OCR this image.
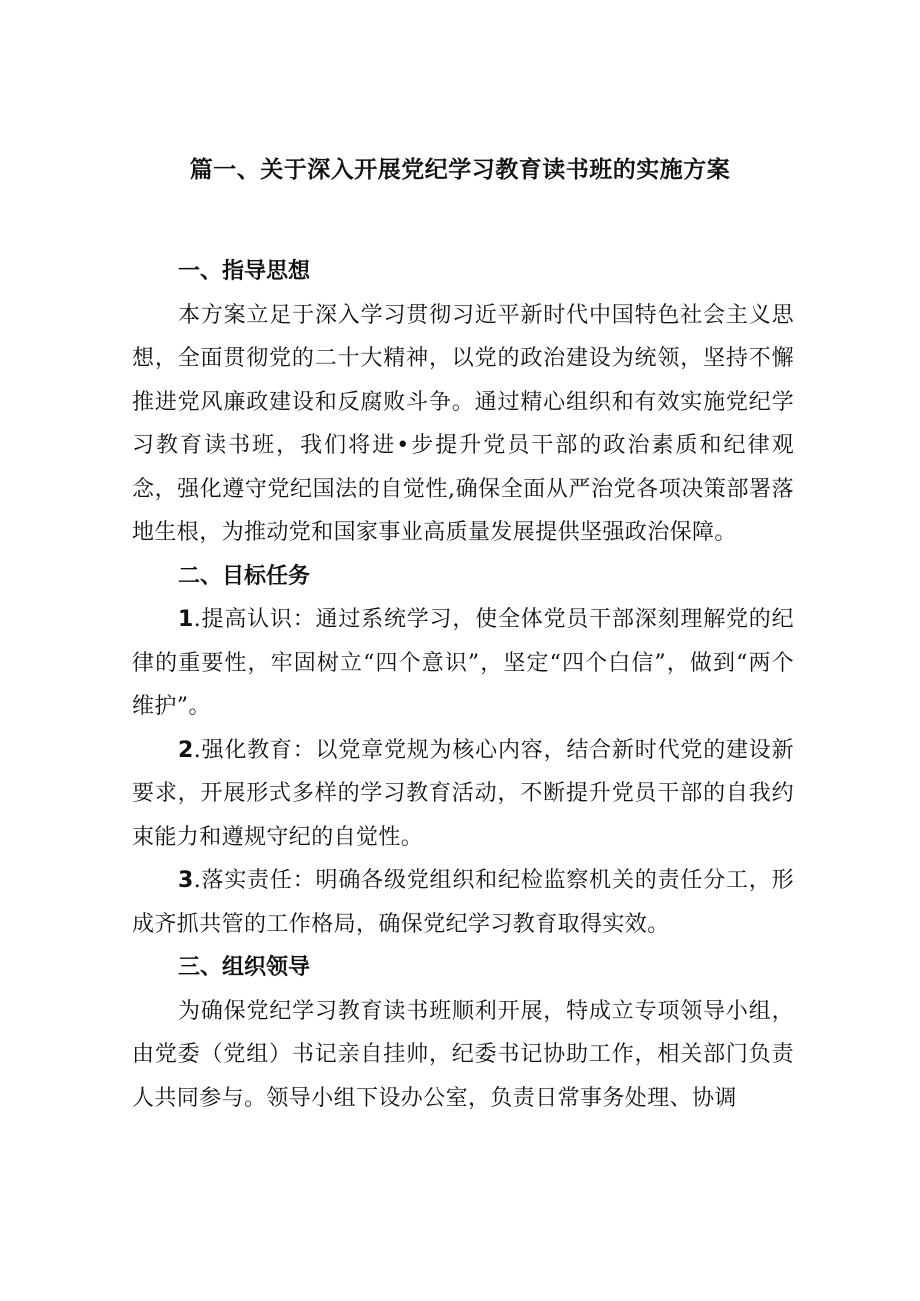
篇一、关于深入开展党纪学习教育读书班的实施方案
一、指导思想

本方案立足于深入学习贯彻习近平新时代中国特色社会主义思想，全面贯彻党的二十大精神，以党的政治建设为统领，坚持不懈推进党风廉政建设和反腐败斗争。通过精心组织和有效实施党纪学习教育读书班，我们将进•步提升党员干部的政治素质和纪律观念，强化遵守党纪国法的自觉性,确保全面从严治党各项决策部署落地生根，为推动党和国家事业高质量发展提供坚强政治保障。

二、目标任务

1.提高认识：通过系统学习，使全体党员干部深刻理解党的纪律的重要性，牢固树立“四个意识”，坚定“四个白信”，做到“两个维护”。

2.强化教育：以党章党规为核心内容，结合新时代党的建设新要求，开展形式多样的学习教育活动，不断提升党员干部的自我约束能力和遵规守纪的自觉性。

3.落实责任：明确各级党组织和纪检监察机关的责任分工，形成齐抓共管的工作格局，确保党纪学习教育取得实效。

三、组织领导

为确保党纪学习教育读书班顺利开展，特成立专项领导小组，由党委（党组）书记亲自挂帅，纪委书记协助工作，相关部门负责人共同参与。领导小组下设办公室，负责日常事务处理、协调
